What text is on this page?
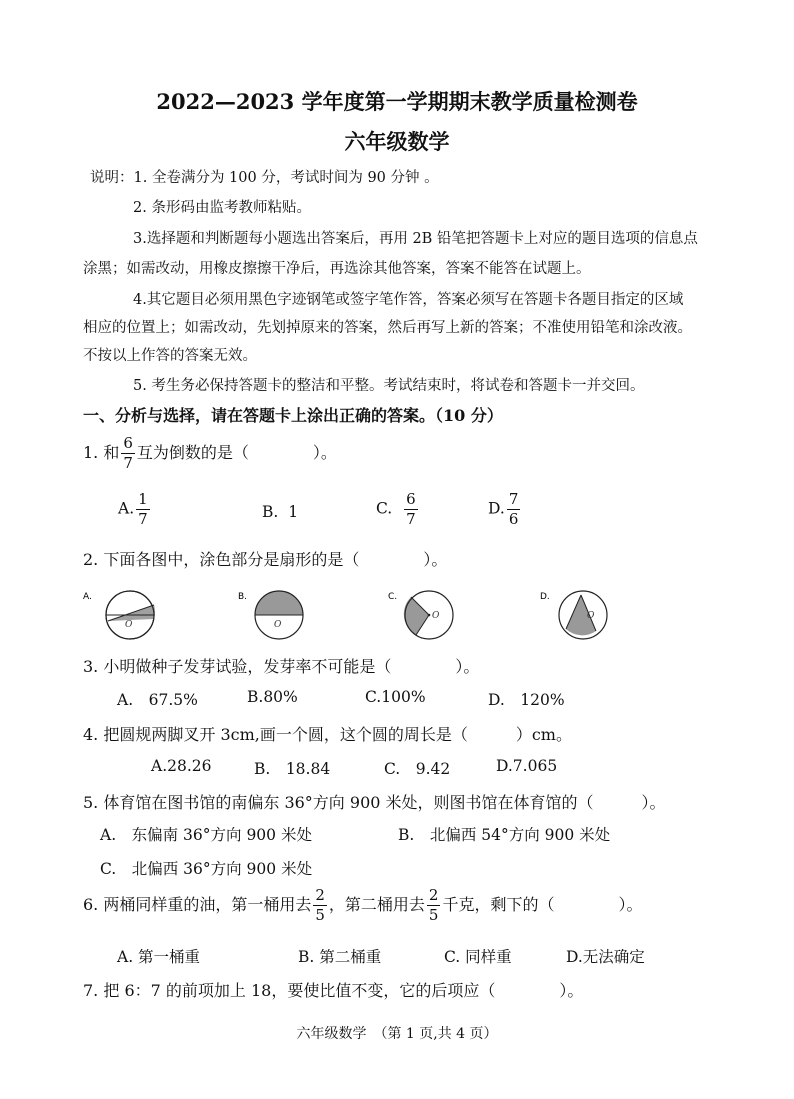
2022—2023 学年度第一学期期末教学质量检测卷
六年级数学
说明：1. 全卷满分为 100 分，考试时间为 90 分钟 。
2. 条形码由监考教师粘贴。
3.选择题和判断题每小题选出答案后，再用 2B 铅笔把答题卡上对应的题目选项的信息点
涂黑；如需改动，用橡皮擦擦干净后，再选涂其他答案，答案不能答在试题上。
4.其它题目必须用黑色字迹钢笔或签字笔作答，答案必须写在答题卡各题目指定的区域
相应的位置上；如需改动，先划掉原来的答案，然后再写上新的答案；不准使用铅笔和涂改液。
不按以上作答的答案无效。
5. 考生务必保持答题卡的整洁和平整。考试结束时，将试卷和答题卡一并交回。
一、分析与选择，请在答题卡上涂出正确的答案。（10 分）
1. 和 $\frac{6}{7}$ 互为倒数的是（　　　　）。
A. $\frac{1}{7}$	B. 1	C. $\frac{6}{7}$	D. $\frac{7}{6}$
2. 下面各图中，涂色部分是扇形的是（　　　　）。
A.
O
B.
O
C.
O
D.
O
3. 小明做种子发芽试验，发芽率不可能是（　　　　）。
A.　67.5%	B.80%	C.100%	D.　120%
4. 把圆规两脚叉开 3cm,画一个圆，这个圆的周长是（　　　）cm。
A.28.26	B.　18.84	C.　9.42	D.7.065
5. 体育馆在图书馆的南偏东 36°方向 900 米处，则图书馆在体育馆的（　　　）。
A.　东偏南 36°方向 900 米处	B.　北偏西 54°方向 900 米处
C.　北偏西 36°方向 900 米处
6. 两桶同样重的油，第一桶用去 $\frac{2}{5}$ ，第二桶用去 $\frac{2}{5}$ 千克，剩下的（　　　　）。
A. 第一桶重	B. 第二桶重	C. 同样重	D.无法确定
7. 把 6：7 的前项加上 18，要使比值不变，它的后项应（　　　　）。
六年级数学　（第 1 页,共 4 页）
